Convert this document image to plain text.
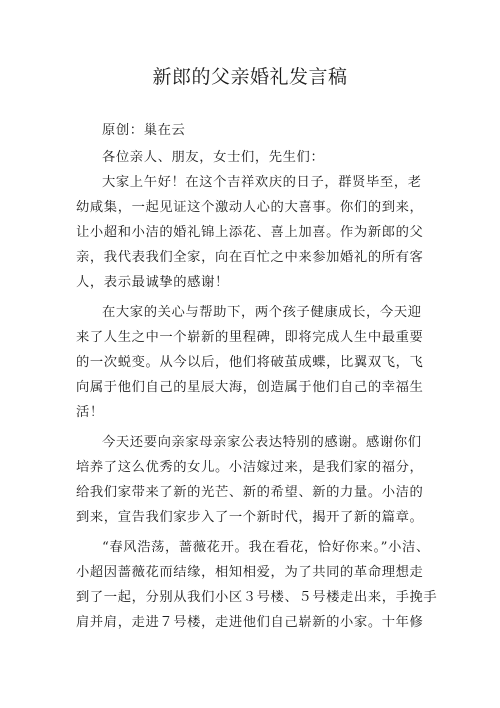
新郎的父亲婚礼发言稿
原创：巢在云
各位亲人、朋友，女士们，先生们：
大家上午好！在这个吉祥欢庆的日子，群贤毕至，老
幼咸集，一起见证这个激动人心的大喜事。你们的到来，
让小超和小洁的婚礼锦上添花、喜上加喜。作为新郎的父
亲，我代表我们全家，向在百忙之中来参加婚礼的所有客
人，表示最诚挚的感谢！
在大家的关心与帮助下，两个孩子健康成长，今天迎
来了人生之中一个崭新的里程碑，即将完成人生中最重要
的一次蜕变。从今以后，他们将破茧成蝶，比翼双飞，飞
向属于他们自己的星辰大海，创造属于他们自己的幸福生
活！
今天还要向亲家母亲家公表达特别的感谢。感谢你们
培养了这么优秀的女儿。小洁嫁过来，是我们家的福分，
给我们家带来了新的光芒、新的希望、新的力量。小洁的
到来，宣告我们家步入了一个新时代，揭开了新的篇章。
“春风浩荡，蔷薇花开。我在看花，恰好你来。”小洁、
小超因蔷薇花而结缘，相知相爱，为了共同的革命理想走
到了一起，分别从我们小区３号楼、５号楼走出来，手挽手
肩并肩，走进７号楼，走进他们自己崭新的小家。十年修
